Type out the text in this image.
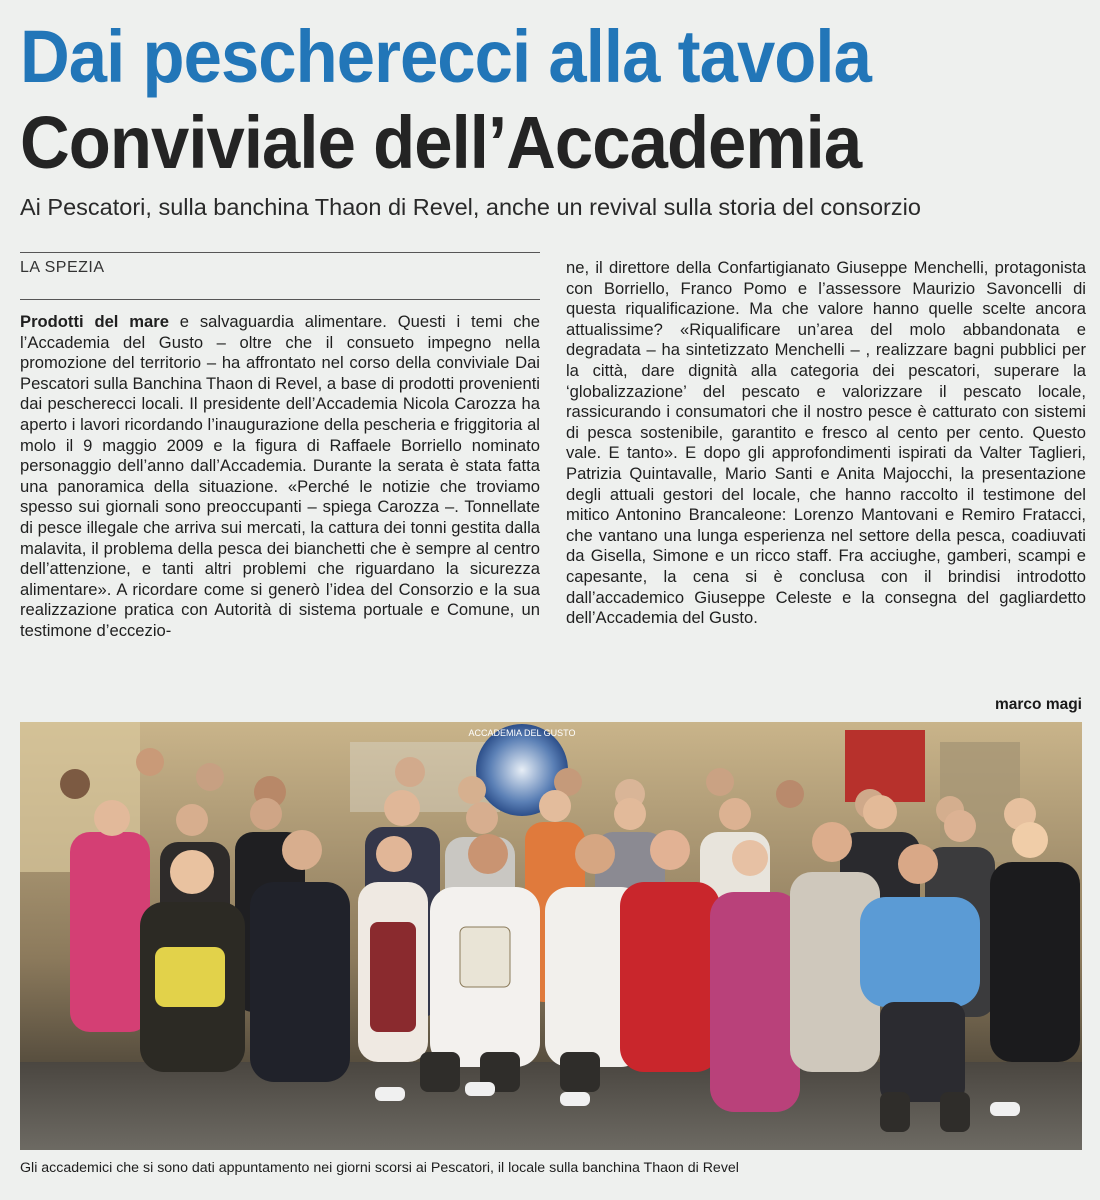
Dai pescherecci alla tavola
Conviviale dell’Accademia
Ai Pescatori, sulla banchina Thaon di Revel, anche un revival sulla storia del consorzio
LA SPEZIA
Prodotti del mare e salvaguardia alimentare. Questi i temi che l’Accademia del Gusto – oltre che il consueto impegno nella promozione del territorio – ha affrontato nel corso della conviviale Dai Pescatori sulla Banchina Thaon di Revel, a base di prodotti provenienti dai pescherecci locali. Il presidente dell’Accademia Nicola Carozza ha aperto i lavori ricordando l’inaugurazione della pescheria e friggitoria al molo il 9 maggio 2009 e la figura di Raffaele Borriello nominato personaggio dell’anno dall’Accademia. Durante la serata è stata fatta una panoramica della situazione. «Perché le notizie che troviamo spesso sui giornali sono preoccupanti – spiega Carozza –. Tonnellate di pesce illegale che arriva sui mercati, la cattura dei tonni gestita dalla malavita, il problema della pesca dei bianchetti che è sempre al centro dell’attenzione, e tanti altri problemi che riguardano la sicurezza alimentare». A ricordare come si generò l’idea del Consorzio e la sua realizzazione pratica con Autorità di sistema portuale e Comune, un testimone d’eccezio-
ne, il direttore della Confartigianato Giuseppe Menchelli, protagonista con Borriello, Franco Pomo e l’assessore Maurizio Savoncelli di questa riqualificazione. Ma che valore hanno quelle scelte ancora attualissime? «Riqualificare un’area del molo abbandonata e degradata – ha sintetizzato Menchelli – , realizzare bagni pubblici per la città, dare dignità alla categoria dei pescatori, superare la ‘globalizzazione’ del pescato e valorizzare il pescato locale, rassicurando i consumatori che il nostro pesce è catturato con sistemi di pesca sostenibile, garantito e fresco al cento per cento. Questo vale. E tanto». E dopo gli approfondimenti ispirati da Valter Taglieri, Patrizia Quintavalle, Mario Santi e Anita Majocchi, la presentazione degli attuali gestori del locale, che hanno raccolto il testimone del mitico Antonino Brancaleone: Lorenzo Mantovani e Remiro Fratacci, che vantano una lunga esperienza nel settore della pesca, coadiuvati da Gisella, Simone e un ricco staff. Fra acciughe, gamberi, scampi e capesante, la cena si è conclusa con il brindisi introdotto dall’accademico Giuseppe Celeste e la consegna del gagliardetto dell’Accademia del Gusto.
marco magi
ACCADEMIA DEL GUSTO
Gli accademici che si sono dati appuntamento nei giorni scorsi ai Pescatori, il locale sulla banchina Thaon di Revel
